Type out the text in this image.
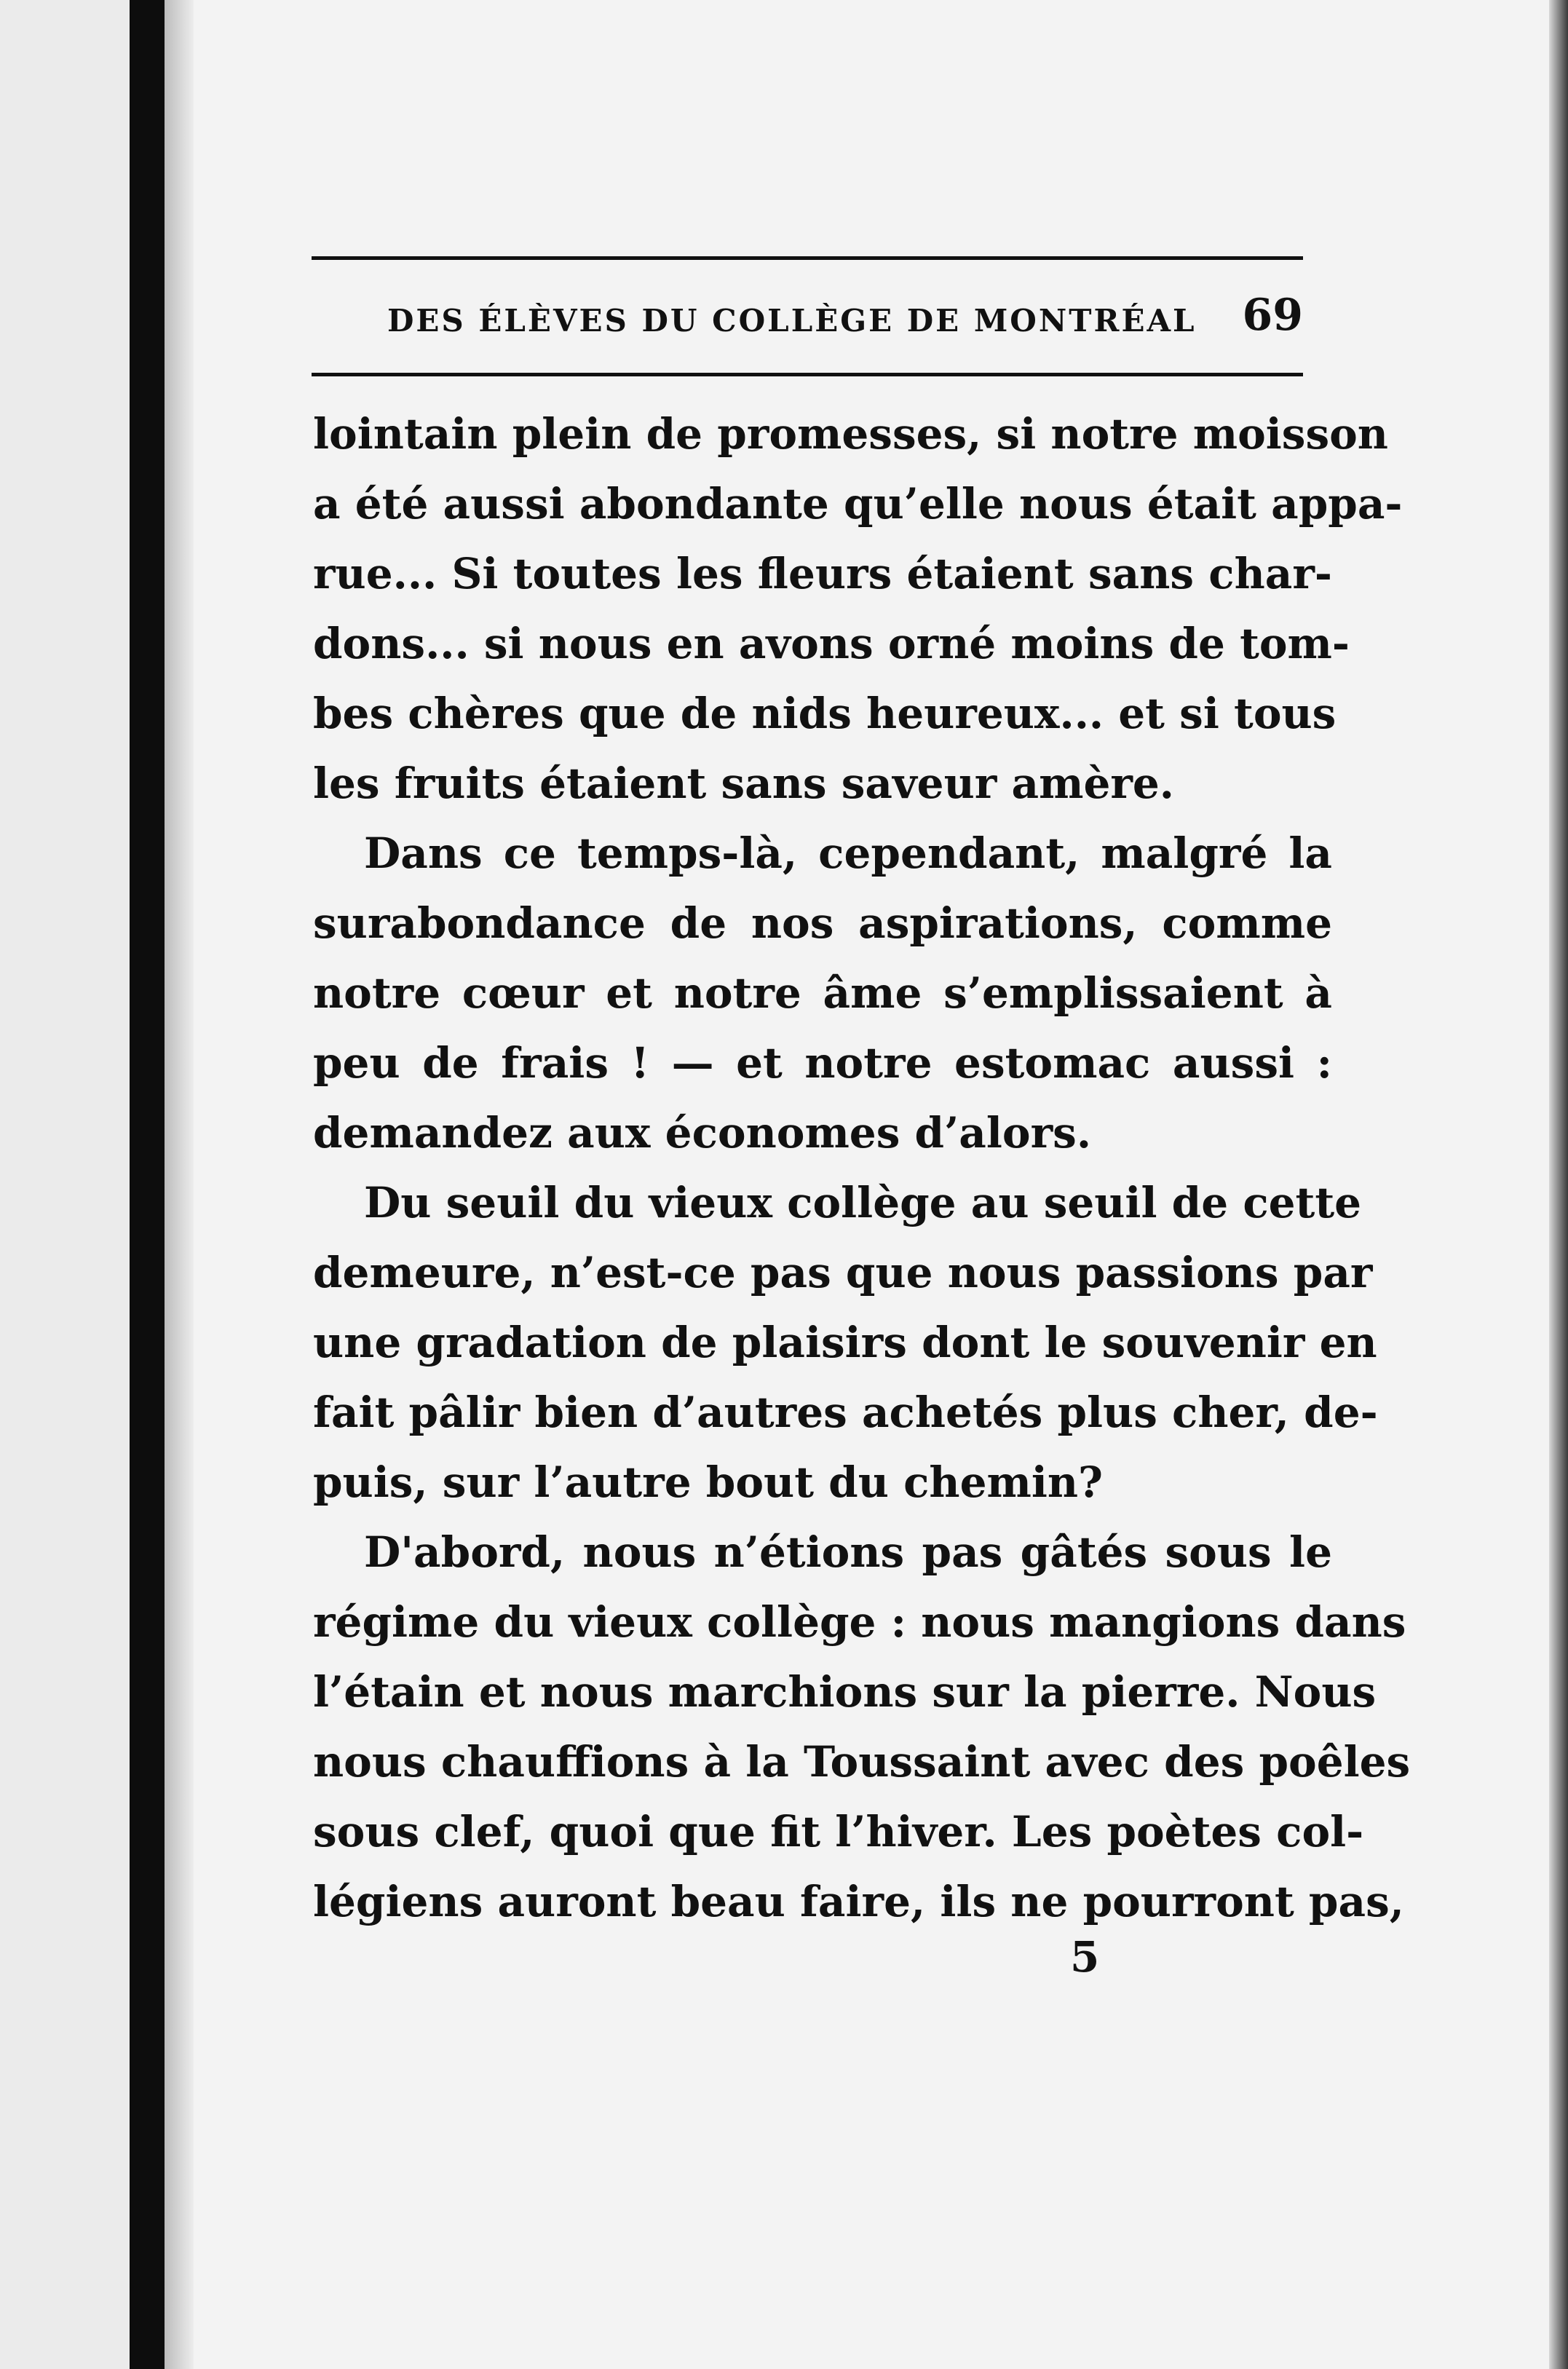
DES ÉLÈVES DU COLLÈGE DE MONTRÉAL 69
lointain plein de promesses, si notre moisson
a été aussi abondante qu’elle nous était appa-
rue... Si toutes les fleurs étaient sans char-
dons... si nous en avons orné moins de tom-
bes chères que de nids heureux... et si tous
les fruits étaient sans saveur amère.
Dans ce temps-là, cependant, malgré la
surabondance de nos aspirations, comme
notre cœur et notre âme s’emplissaient à
peu de frais ! — et notre estomac aussi :
demandez aux économes d’alors.
Du seuil du vieux collège au seuil de cette
demeure, n’est-ce pas que nous passions par
une gradation de plaisirs dont le souvenir en
fait pâlir bien d’autres achetés plus cher, de-
puis, sur l’autre bout du chemin?
D'abord, nous n’étions pas gâtés sous le
régime du vieux collège : nous mangions dans
l’étain et nous marchions sur la pierre. Nous
nous chauffions à la Toussaint avec des poêles
sous clef, quoi que fit l’hiver. Les poètes col-
légiens auront beau faire, ils ne pourront pas,
5
